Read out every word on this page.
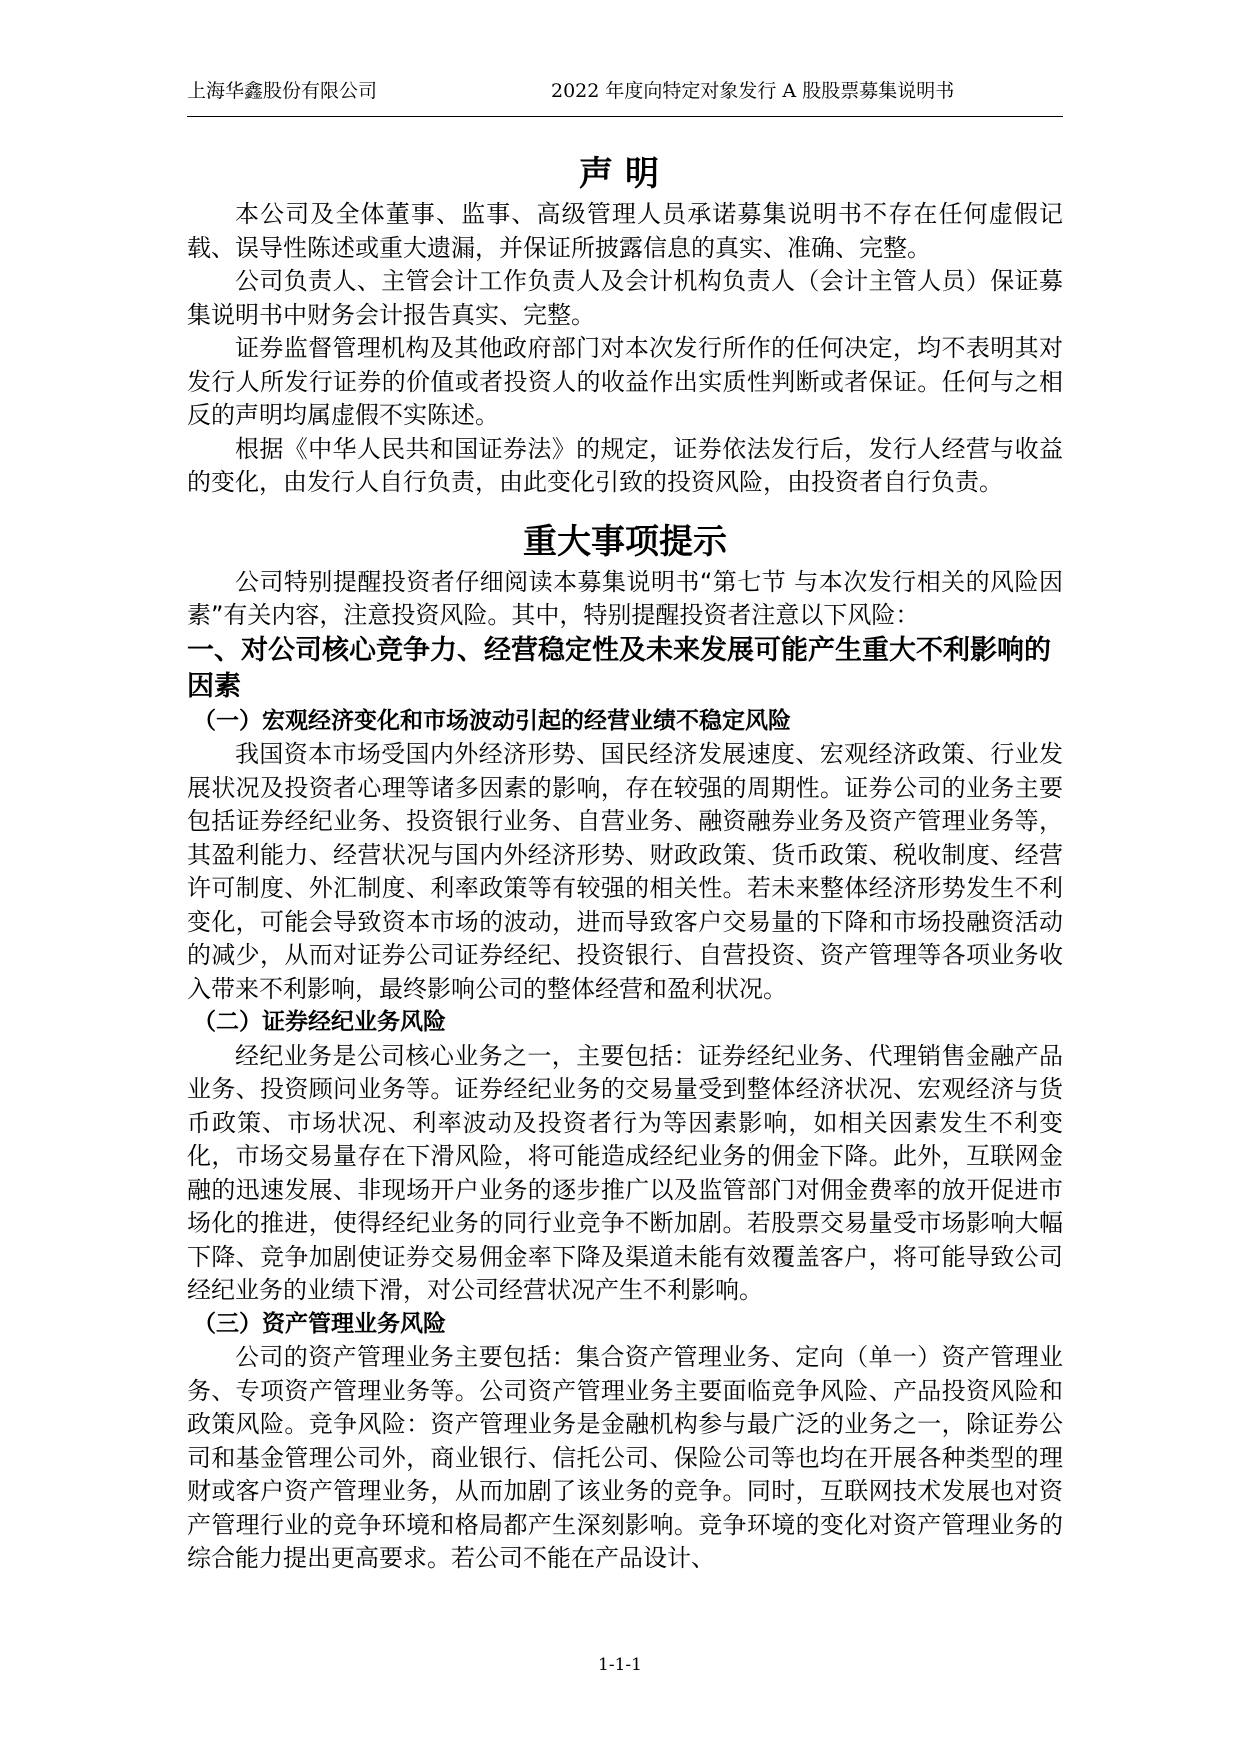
上海华鑫股份有限公司	2022 年度向特定对象发行 A 股股票募集说明书
声明

本公司及全体董事、监事、高级管理人员承诺募集说明书不存在任何虚假记载、误导性陈述或重大遗漏，并保证所披露信息的真实、准确、完整。

公司负责人、主管会计工作负责人及会计机构负责人（会计主管人员）保证募集说明书中财务会计报告真实、完整。

证券监督管理机构及其他政府部门对本次发行所作的任何决定，均不表明其对发行人所发行证券的价值或者投资人的收益作出实质性判断或者保证。任何与之相反的声明均属虚假不实陈述。

根据《中华人民共和国证券法》的规定，证券依法发行后，发行人经营与收益的变化，由发行人自行负责，由此变化引致的投资风险，由投资者自行负责。

重大事项提示

公司特别提醒投资者仔细阅读本募集说明书“第七节 与本次发行相关的风险因素”有关内容，注意投资风险。其中，特别提醒投资者注意以下风险：

一、对公司核心竞争力、经营稳定性及未来发展可能产生重大不利影响的因素
（一）宏观经济变化和市场波动引起的经营业绩不稳定风险

我国资本市场受国内外经济形势、国民经济发展速度、宏观经济政策、行业发展状况及投资者心理等诸多因素的影响，存在较强的周期性。证券公司的业务主要包括证券经纪业务、投资银行业务、自营业务、融资融券业务及资产管理业务等，其盈利能力、经营状况与国内外经济形势、财政政策、货币政策、税收制度、经营许可制度、外汇制度、利率政策等有较强的相关性。若未来整体经济形势发生不利变化，可能会导致资本市场的波动，进而导致客户交易量的下降和市场投融资活动的减少，从而对证券公司证券经纪、投资银行、自营投资、资产管理等各项业务收入带来不利影响，最终影响公司的整体经营和盈利状况。

（二）证券经纪业务风险

经纪业务是公司核心业务之一，主要包括：证券经纪业务、代理销售金融产品业务、投资顾问业务等。证券经纪业务的交易量受到整体经济状况、宏观经济与货币政策、市场状况、利率波动及投资者行为等因素影响，如相关因素发生不利变化，市场交易量存在下滑风险，将可能造成经纪业务的佣金下降。此外，互联网金融的迅速发展、非现场开户业务的逐步推广以及监管部门对佣金费率的放开促进市场化的推进，使得经纪业务的同行业竞争不断加剧。若股票交易量受市场影响大幅下降、竞争加剧使证券交易佣金率下降及渠道未能有效覆盖客户，将可能导致公司经纪业务的业绩下滑，对公司经营状况产生不利影响。

（三）资产管理业务风险

公司的资产管理业务主要包括：集合资产管理业务、定向（单一）资产管理业务、专项资产管理业务等。公司资产管理业务主要面临竞争风险、产品投资风险和政策风险。竞争风险：资产管理业务是金融机构参与最广泛的业务之一，除证券公司和基金管理公司外，商业银行、信托公司、保险公司等也均在开展各种类型的理财或客户资产管理业务，从而加剧了该业务的竞争。同时，互联网技术发展也对资产管理行业的竞争环境和格局都产生深刻影响。竞争环境的变化对资产管理业务的综合能力提出更高要求。若公司不能在产品设计、

1-1-1
